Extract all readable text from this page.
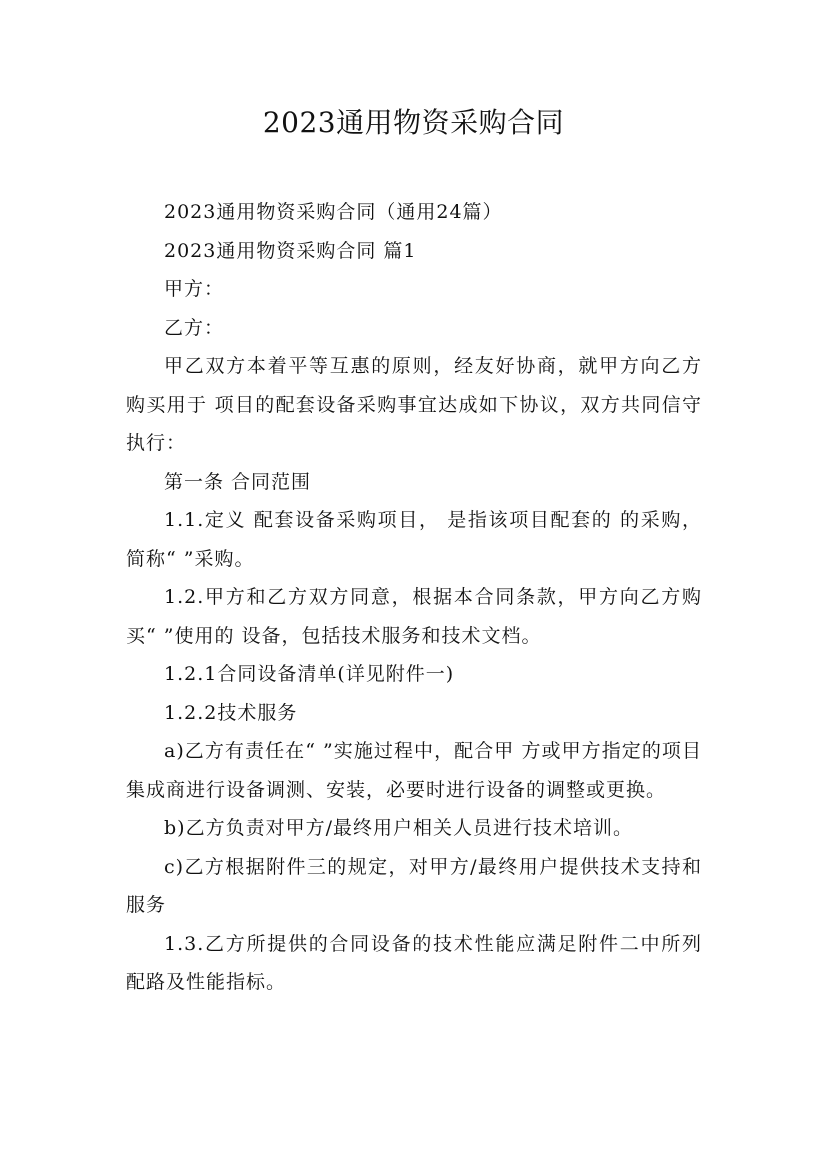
2023通用物资采购合同

2023通用物资采购合同（通用24篇）

2023通用物资采购合同 篇1

甲方：

乙方：

甲乙双方本着平等互惠的原则，经友好协商，就甲方向乙方购买用于 项目的配套设备采购事宜达成如下协议，双方共同信守执行：

第一条 合同范围

1.1.定义 配套设备采购项目， 是指该项目配套的 的采购，简称“ ”采购。

1.2.甲方和乙方双方同意，根据本合同条款，甲方向乙方购买“ ”使用的 设备，包括技术服务和技术文档。

1.2.1合同设备清单(详见附件一)

1.2.2技术服务

a)乙方有责任在“ ”实施过程中，配合甲 方或甲方指定的项目集成商进行设备调测、安装，必要时进行设备的调整或更换。

b)乙方负责对甲方/最终用户相关人员进行技术培训。

c)乙方根据附件三的规定，对甲方/最终用户提供技术支持和服务

1.3.乙方所提供的合同设备的技术性能应满足附件二中所列配路及性能指标。
